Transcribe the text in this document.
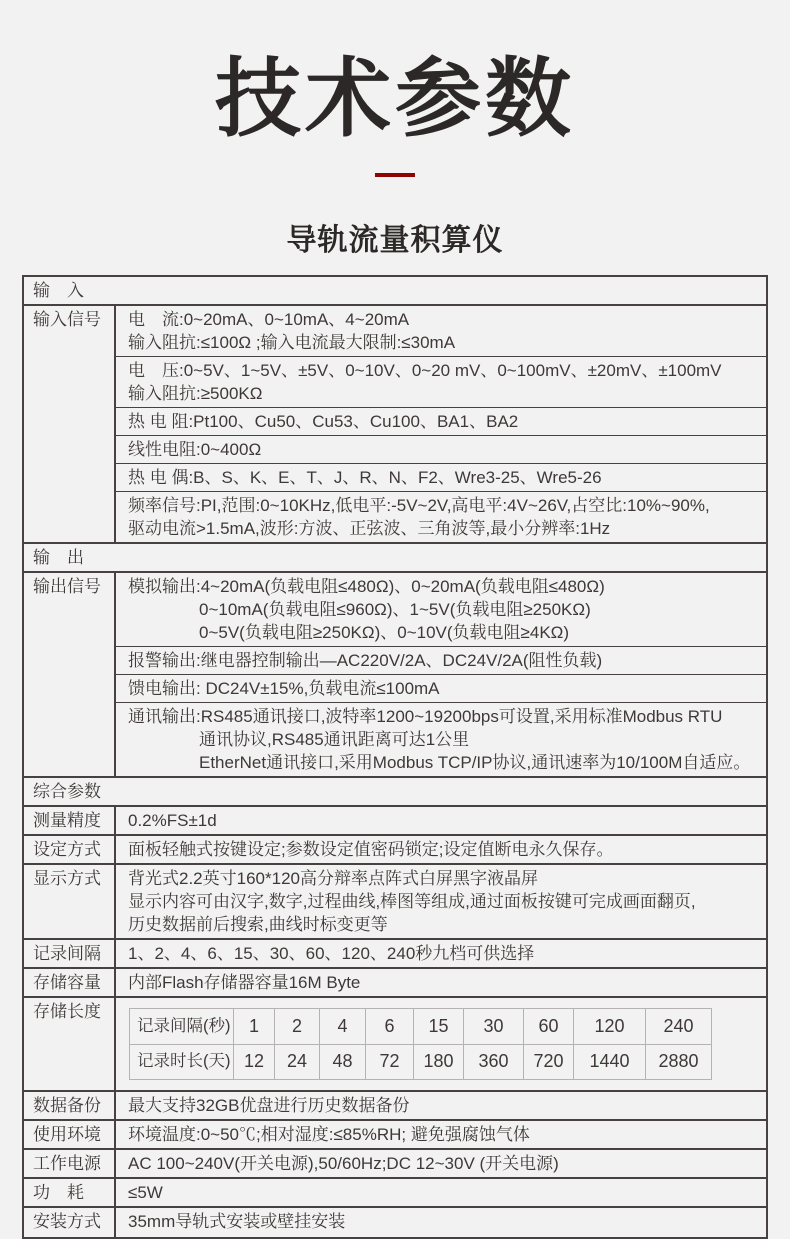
技术参数
导轨流量积算仪
输　入
输入信号	电　流:0~20mA、0~10mA、4~20mA
输入阻抗:≤100Ω ;输入电流最大限制:≤30mA
电　压:0~5V、1~5V、±5V、0~10V、0~20 mV、0~100mV、±20mV、±100mV
输入阻抗:≥500KΩ
热 电 阻:Pt100、Cu50、Cu53、Cu100、BA1、BA2
线性电阻:0~400Ω
热 电 偶:B、S、K、E、T、J、R、N、F2、Wre3-25、Wre5-26
频率信号:PI,范围:0~10KHz,低电平:-5V~2V,高电平:4V~26V,占空比:10%~90%,
驱动电流>1.5mA,波形:方波、正弦波、三角波等,最小分辨率:1Hz
输　出
输出信号	模拟输出:4~20mA(负载电阻≤480Ω)、0~20mA(负载电阻≤480Ω)
0~10mA(负载电阻≤960Ω)、1~5V(负载电阻≥250KΩ)
0~5V(负载电阻≥250KΩ)、0~10V(负载电阻≥4KΩ)
报警输出:继电器控制输出—AC220V/2A、DC24V/2A(阻性负载)
馈电输出: DC24V±15%,负载电流≤100mA
通讯输出:RS485通讯接口,波特率1200~19200bps可设置,采用标准Modbus RTU
通讯协议,RS485通讯距离可达1公里
EtherNet通讯接口,采用Modbus TCP/IP协议,通讯速率为10/100M自适应。
综合参数
测量精度	0.2%FS±1d
设定方式	面板轻触式按键设定;参数设定值密码锁定;设定值断电永久保存。
显示方式	背光式2.2英寸160*120高分辩率点阵式白屏黑字液晶屏
显示内容可由汉字,数字,过程曲线,棒图等组成,通过面板按键可完成画面翻页,
历史数据前后搜索,曲线时标变更等
记录间隔	1、2、4、6、15、30、60、120、240秒九档可供选择
存储容量	内部Flash存储器容量16M Byte
存储长度
记录间隔(秒)	1	2	4	6	15	30	60	120	240
记录时长(天) 12	24	48	72	180	360	720	1440	2880
数据备份	最大支持32GB优盘进行历史数据备份
使用环境	环境温度:0~50℃;相对湿度:≤85%RH; 避免强腐蚀气体
工作电源	AC 100~240V(开关电源),50/60Hz;DC 12~30V (开关电源)
功　耗	≤5W
安装方式	35mm导轨式安装或壁挂安装
